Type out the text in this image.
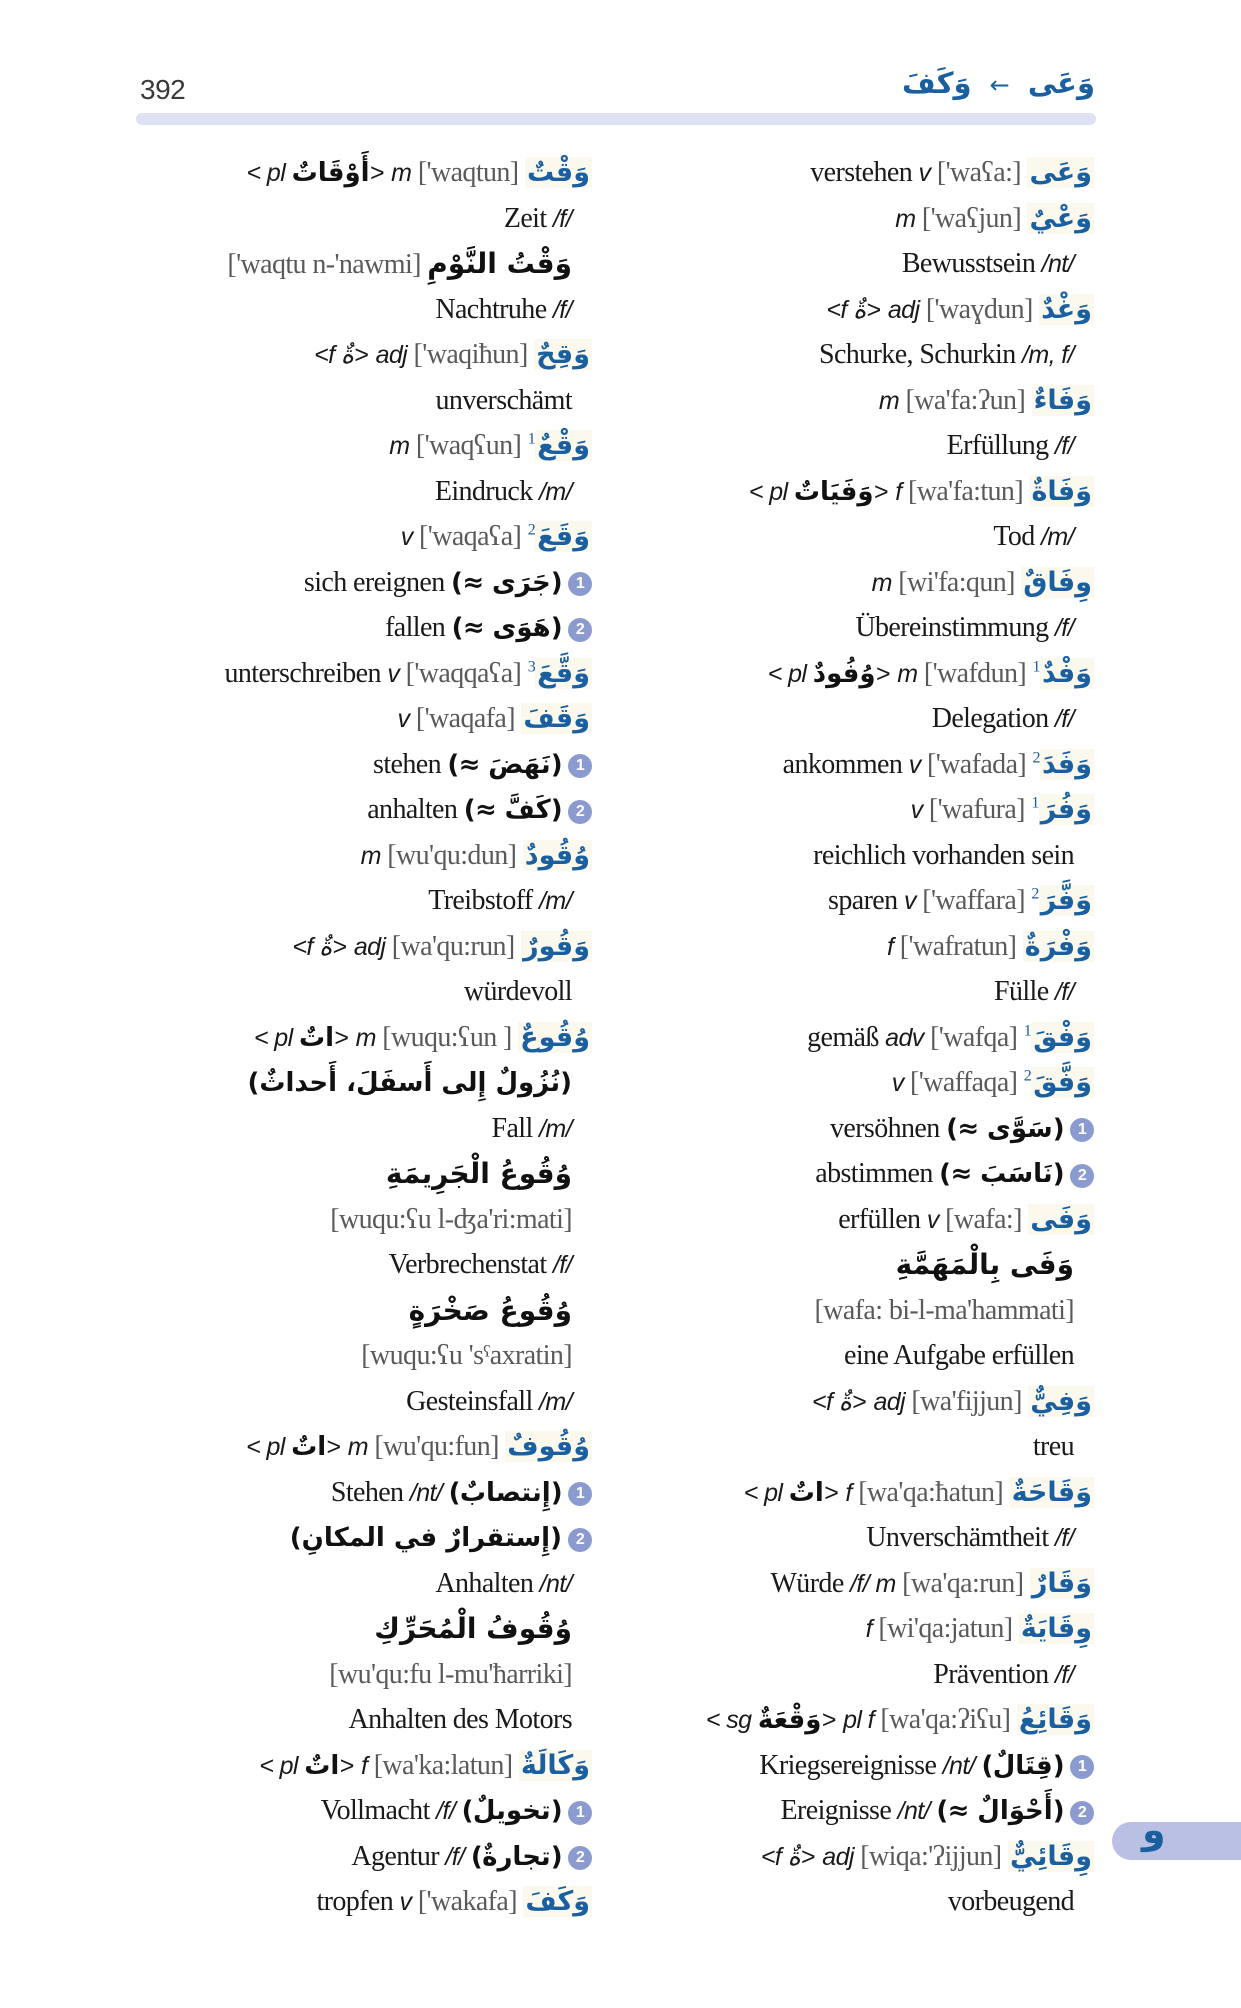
392	وَعَى ← وَكَفَ
< pl أَوْقَاتٌ> m ['waqtun] وَقْتٌ
Zeit /f/
['waqtu n-'nawmi] وَقْتُ النَّوْمِ
Nachtruhe /f/
<f ةٌ> adj ['waqiħun] وَقِحٌ
unverschämt
m ['waqʕun] $^1$وَقْعٌ
Eindruck /m/
v ['waqaʕa] $^2$وَقَعَ
sich ereignen (≈ جَرَى) 1
fallen (≈ هَوَى) 2
unterschreiben v ['waqqaʕa] $^3$وَقَّعَ
v ['waqafa] وَقَفَ
stehen (≈ نَهَضَ) 1
anhalten (≈ كَفَّ) 2
m [wu'qu:dun] وُقُودٌ
Treibstoff /m/
<f ةٌ> adj [wa'qu:run] وَقُورٌ
würdevoll
< pl اتٌ> m [wuqu:ʕun ] وُقُوعٌ
(نُزُولٌ إِلى أَسفَلَ، أَحداثٌ)
Fall /m/
وُقُوعُ الْجَرِيمَةِ
[wuqu:ʕu l-ʤa'ri:mati]
Verbrechenstat /f/
وُقُوعُ صَخْرَةٍ
[wuqu:ʕu 'sˤaxratin]
Gesteinsfall /m/
< pl اتٌ> m [wu'qu:fun] وُقُوفٌ
Stehen /nt/ (إِنتصابٌ) 1
(إِستقرارٌ في المكانِ) 2
Anhalten /nt/
وُقُوفُ الْمُحَرِّكِ
[wu'qu:fu l-mu'ħarriki]
Anhalten des Motors
< pl اتٌ> f [wa'ka:latun] وَكَالَةٌ
Vollmacht /f/ (تخويلٌ) 1
Agentur /f/ (تجارةٌ) 2
tropfen v ['wakafa] وَكَفَ
verstehen v ['waʕa:] وَعَى
m ['waʕjun] وَعْيٌ
Bewusstsein /nt/
<f ةٌ> adj ['waɣdun] وَغْدٌ
Schurke, Schurkin /m, f/
m [wa'fa:ʔun] وَفَاءٌ
Erfüllung /f/
< pl وَفَيَاتٌ> f [wa'fa:tun] وَفَاةٌ
Tod /m/
m [wi'fa:qun] وِفَاقٌ
Übereinstimmung /f/
< pl وُفُودٌ> m ['wafdun] $^1$وَفْدٌ
Delegation /f/
ankommen v ['wafada] $^2$وَفَدَ
v ['wafura] $^1$وَفُرَ
reichlich vorhanden sein
sparen v ['waffara] $^2$وَفَّرَ
f ['wafratun] وَفْرَةٌ
Fülle /f/
gemäß adv ['wafqa] $^1$وَفْقَ
v ['waffaqa] $^2$وَفَّقَ
versöhnen (≈ سَوَّى) 1
abstimmen (≈ نَاسَبَ) 2
erfüllen v [wafa:] وَفَى
وَفَى بِالْمَهَمَّةِ
[wafa: bi-l-ma'hammati]
eine Aufgabe erfüllen
<f ةٌ> adj [wa'fijjun] وَفِيٌّ
treu
< pl اتٌ> f [wa'qa:ħatun] وَقَاحَةٌ
Unverschämtheit /f/
Würde /f/ m [wa'qa:run] وَقَارٌ
f [wi'qa:jatun] وِقَايَةٌ
Prävention /f/
< sg وَقْعَةٌ> pl f [wa'qa:ʔiʕu] وَقَائِعُ
Kriegsereignisse /nt/ (قِتَالٌ) 1
Ereignisse /nt/ (≈ أَحْوَالٌ) 2
<f ةٌ> adj [wiqa:'ʔijjun] وِقَائِيٌّ
vorbeugend
و
